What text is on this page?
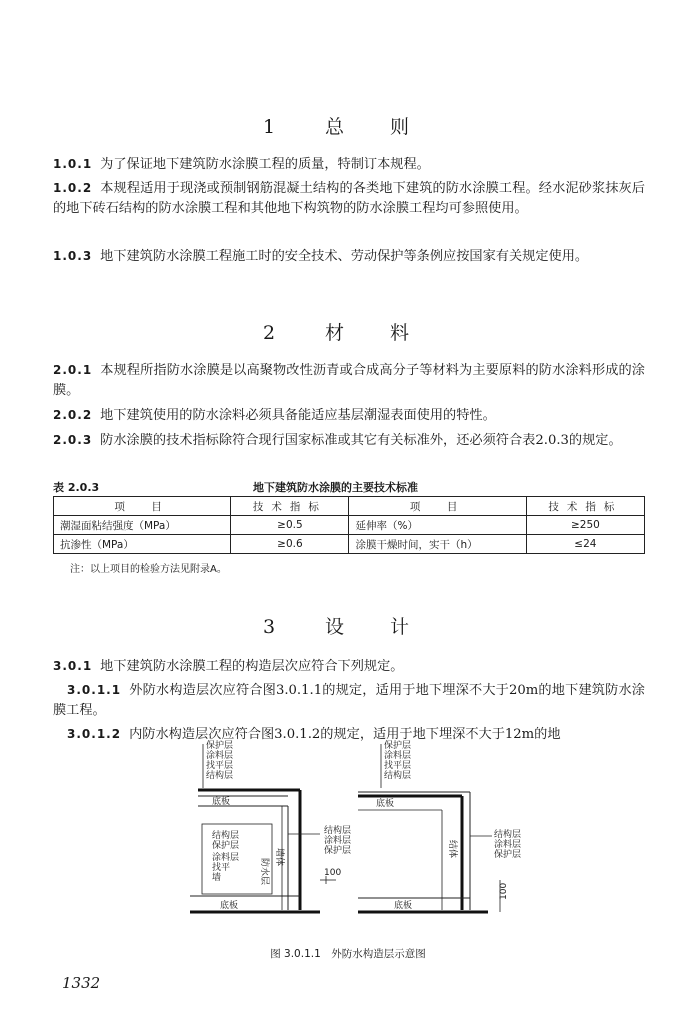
1	总 则
1.0.1 为了保证地下建筑防水涂膜工程的质量，特制订本规程。
1.0.2 本规程适用于现浇或预制钢筋混凝土结构的各类地下建筑的防水涂膜工程。经水泥砂浆抹灰后的地下砖石结构的防水涂膜工程和其他地下构筑物的防水涂膜工程均可参照使用。
1.0.3 地下建筑防水涂膜工程施工时的安全技术、劳动保护等条例应按国家有关规定使用。
2	材 料
2.0.1 本规程所指防水涂膜是以高聚物改性沥青或合成高分子等材料为主要原料的防水涂料形成的涂膜。
2.0.2 地下建筑使用的防水涂料必须具备能适应基层潮湿表面使用的特性。
2.0.3 防水涂膜的技术指标除符合现行国家标准或其它有关标准外，还必须符合表2.0.3的规定。
表 2.0.3	地下建筑防水涂膜的主要技术标准
项　目	技术指标	项　目	技术指标
潮湿面粘结强度（MPa）	≥0.5	延伸率（%）	≥250
抗渗性（MPa）	≥0.6	涂膜干燥时间，实干（h）	≤24
注：以上项目的检验方法见附录A。
3	设 计
3.0.1 地下建筑防水涂膜工程的构造层次应符合下列规定。
3.0.1.1 外防水构造层次应符合图3.0.1.1的规定，适用于地下埋深不大于20m的地下建筑防水涂膜工程。
3.0.1.2 内防水构造层次应符合图3.0.1.2的规定，适用于地下埋深不大于12m的地
保护层
涂料层
找平层
结构层
底板
结构层
保护层
涂料层
找平
墙	防水层
墙体
结构层
涂料层
保护层
100
底板
保护层
涂料层
找平层
结构层
底板
结体
结构层
涂料层
保护层
100
底板
图 3.0.1.1　外防水构造层示意图
1332
